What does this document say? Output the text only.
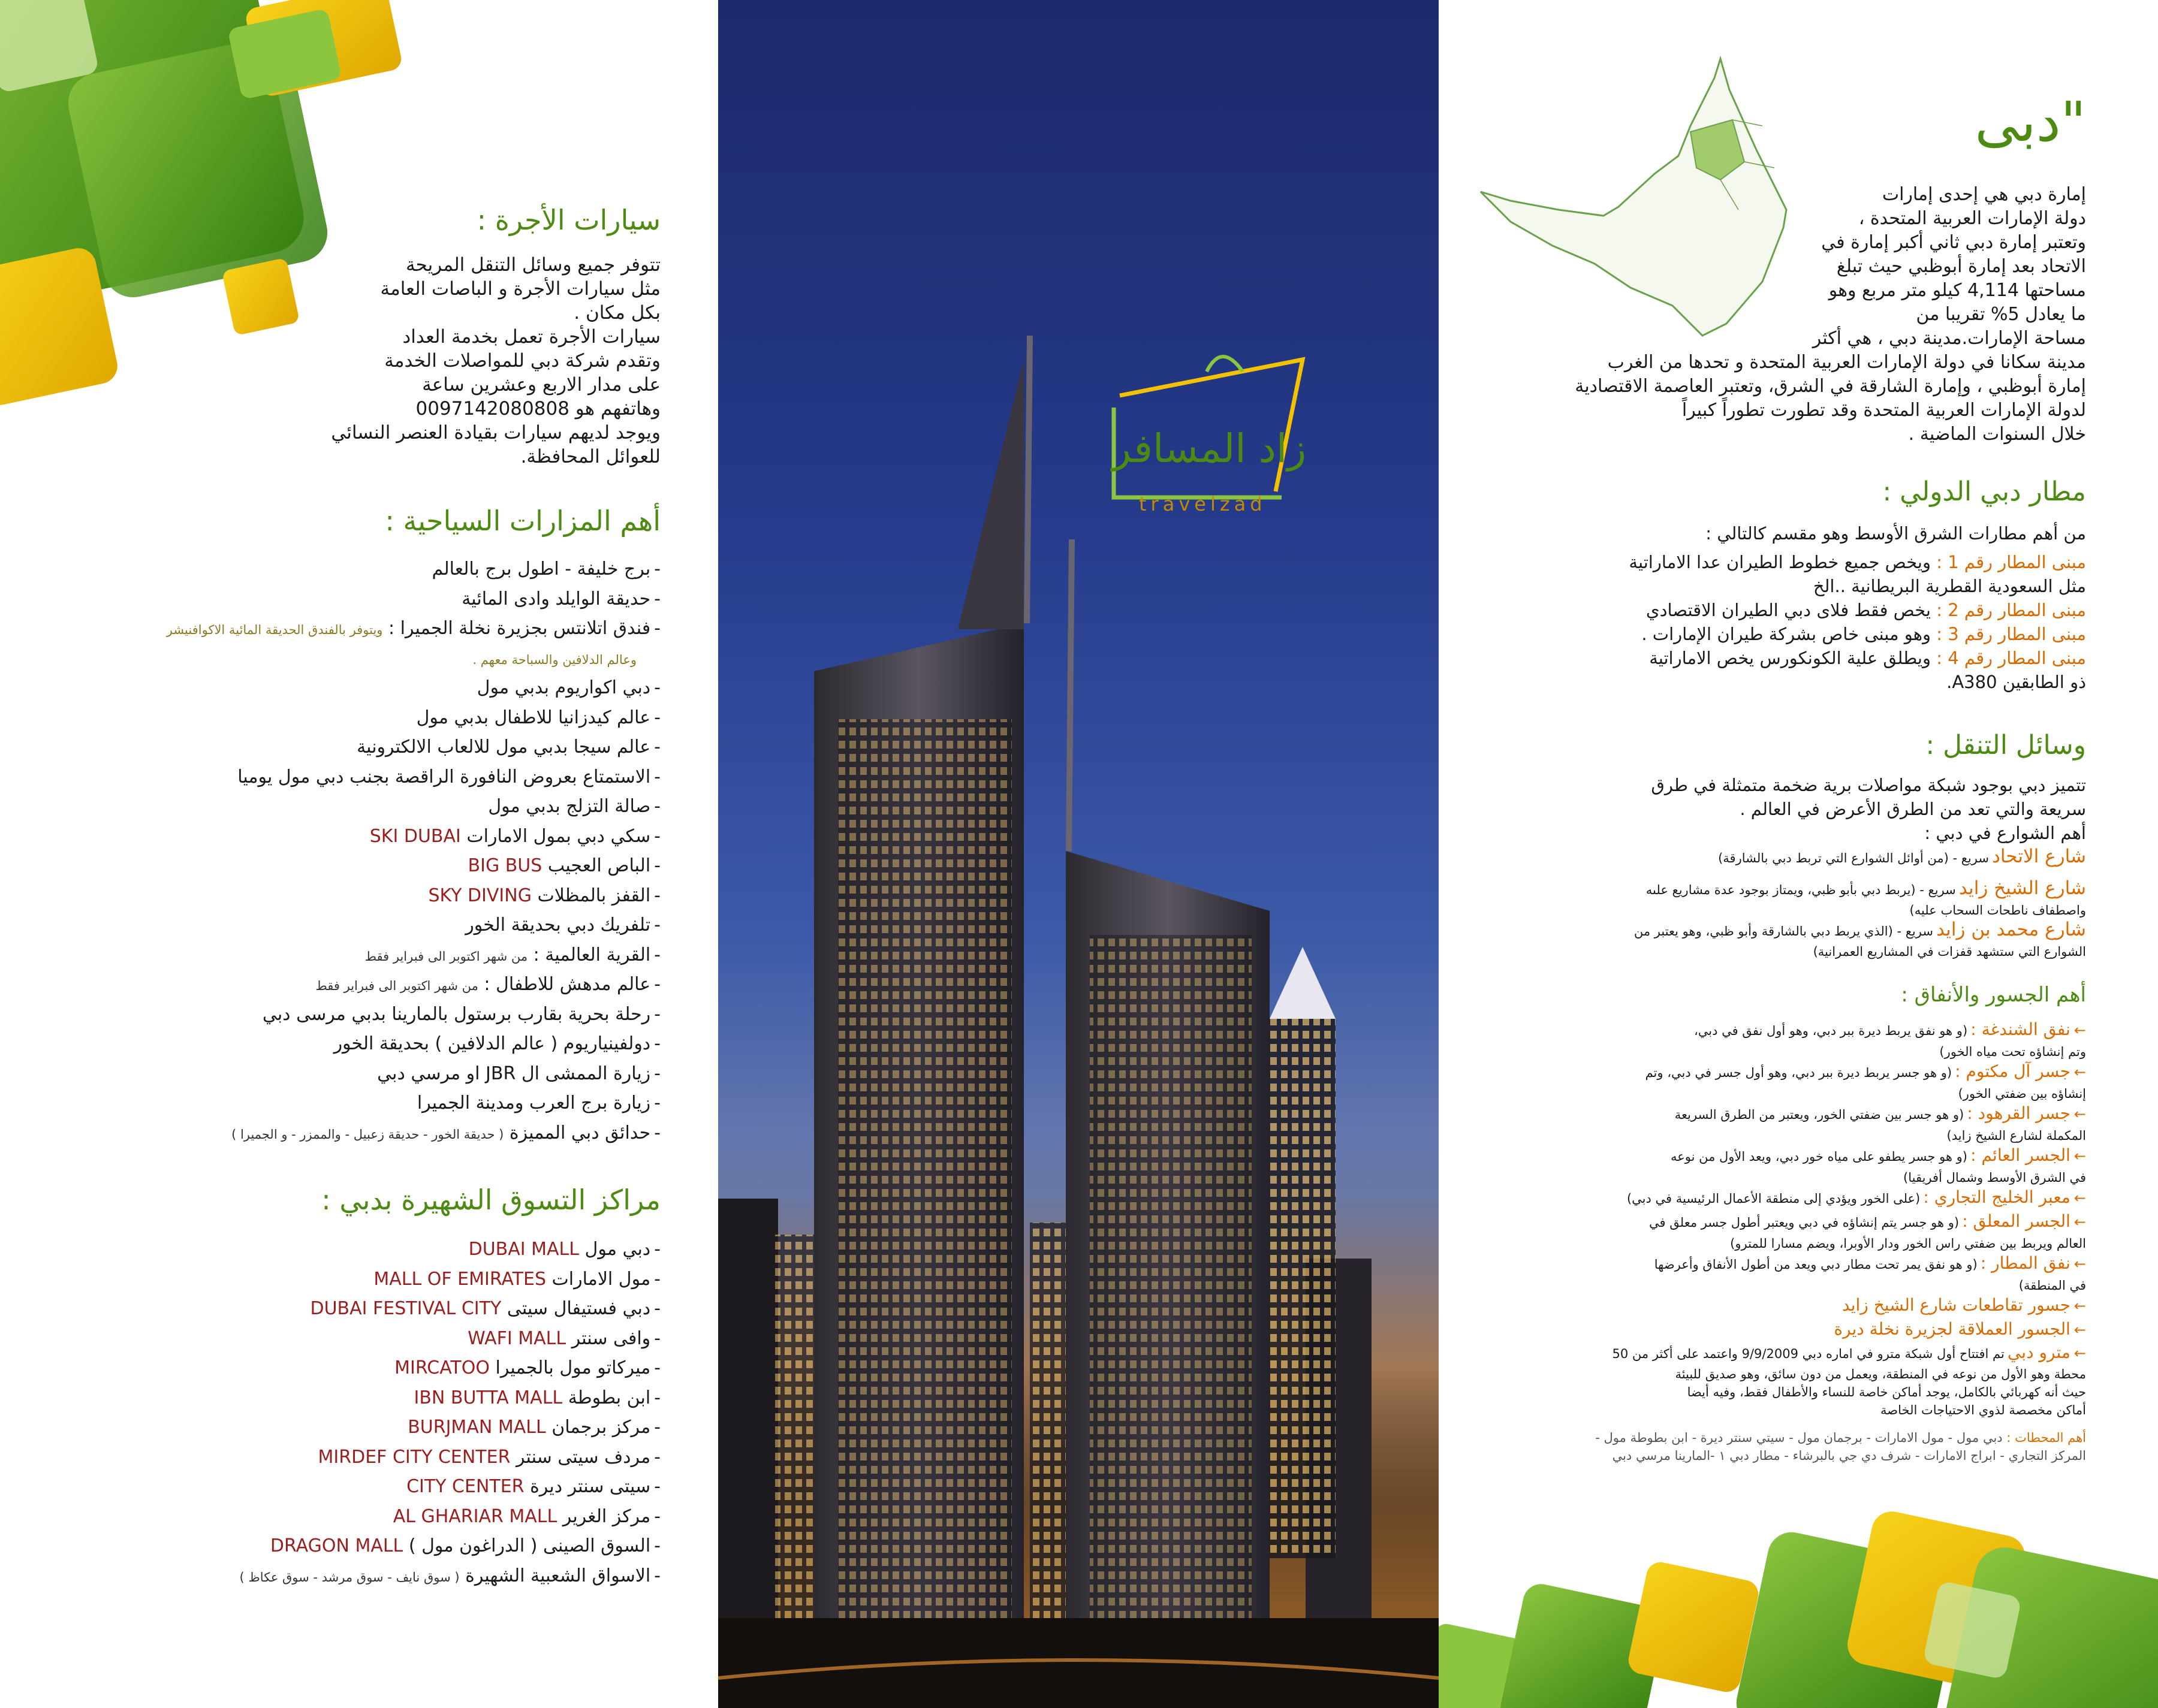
سيارات الأجرة :
تتوفر جميع وسائل التنقل المريحة
مثل سيارات الأجرة و الباصات العامة
بكل مكان .
سيارات الأجرة تعمل بخدمة العداد
وتقدم شركة دبي للمواصلات الخدمة
على مدار الاربع وعشرين ساعة
وهاتفهم هو 0097142080808
ويوجد لديهم سيارات بقيادة العنصر النسائي
للعوائل المحافظة.
أهم المزارات السياحية :
-برج خليفة - اطول برج بالعالم
-حديقة الوايلد وادى المائية
-فندق اتلانتس بجزيرة نخلة الجميرا : ويتوفر بالفندق الحديقة المائية الاكوافنيشر
وعالم الدلافين والسباحة معهم .
-دبي اكواريوم بدبي مول
-عالم كيدزانيا للاطفال بدبي مول
-عالم سيجا بدبي مول للالعاب الالكترونية
-الاستمتاع بعروض النافورة الراقصة بجنب دبي مول يوميا
-صالة التزلج بدبي مول
-سكي دبي بمول الامارات SKI DUBAI
-الباص العجيب BIG BUS
-القفز بالمظلات SKY DIVING
-تلفريك دبي بحديقة الخور
-القرية العالمية : من شهر اكتوبر الى فبراير فقط
-عالم مدهش للاطفال : من شهر اكتوبر الى فبراير فقط
-رحلة بحرية بقارب برستول بالمارينا بدبي مرسى دبي
-دولفينياريوم ( عالم الدلافين ) بحديقة الخور
-زيارة الممشى ال JBR او مرسي دبي
-زيارة برج العرب ومدينة الجميرا
-حدائق دبي المميزة ( حديقة الخور - حديقة زعبيل - والممزر - و الجميرا )
مراكز التسوق الشهيرة بدبي :
-دبي مول DUBAI MALL
-مول الامارات MALL OF EMIRATES
-دبي فستيفال سيتى DUBAI FESTIVAL CITY
-وافى سنتر WAFI MALL
-ميركاتو مول بالجميرا MIRCATOO
-ابن بطوطة IBN BUTTA MALL
-مركز برجمان BURJMAN MALL
-مردف سيتى سنتر MIRDEF CITY CENTER
-سيتى سنتر ديرة CITY CENTER
-مركز الغرير AL GHARIAR MALL
-السوق الصينى ( الدراغون مول ) DRAGON MALL
-الاسواق الشعبية الشهيرة ( سوق نايف - سوق مرشد - سوق عكاظ )
زاد المسافر
travelzad
"دبى
إمارة دبي هي إحدى إمارات
دولة الإمارات العربية المتحدة ،
وتعتبر إمارة دبي ثاني أكبر إمارة في
الاتحاد بعد إمارة أبوظبي حيث تبلغ
مساحتها 4,114 كيلو متر مربع وهو
ما يعادل 5% تقريبا من
مساحة الإمارات.مدينة دبي ، هي أكثر
مدينة سكانا في دولة الإمارات العربية المتحدة و تحدها من الغرب
إمارة أبوظبي ، وإمارة الشارقة في الشرق، وتعتبر العاصمة الاقتصادية
لدولة الإمارات العربية المتحدة وقد تطورت تطوراً كبيراً
خلال السنوات الماضية .
مطار دبي الدولي :
من أهم مطارات الشرق الأوسط وهو مقسم كالتالي :
مبنى المطار رقم 1 : ويخص جميع خطوط الطيران عدا الاماراتية
مثل السعودية القطرية البريطانية ..الخ
مبنى المطار رقم 2 : يخص فقط فلاى دبي الطيران الاقتصادي
مبنى المطار رقم 3 : وهو مبنى خاص بشركة طيران الإمارات .
مبنى المطار رقم 4 : ويطلق علية الكونكورس يخص الاماراتية
ذو الطابقين A380.
وسائل التنقل :
تتميز دبي بوجود شبكة مواصلات برية ضخمة متمثلة في طرق
سريعة والتي تعد من الطرق الأعرض في العالم .
أهم الشوارع في دبي :
شارع الاتحاد سريع - (من أوائل الشوارع التي تربط دبي بالشارقة)
شارع الشيخ زايد سريع - (يربط دبي بأبو ظبي، ويمتاز بوجود عدة مشاريع علىه
واصطفاف ناطحات السحاب عليه)
شارع محمد بن زايد سريع - (الذي يربط دبي بالشارقة وأبو ظبي، وهو يعتبر من
الشوارع التي ستشهد قفزات في المشاريع العمرانية)
أهم الجسور والأنفاق :
←نفق الشندغة : (و هو نفق يربط ديرة ببر دبي، وهو أول نفق في دبي،
وتم إنشاؤه تحت مياه الخور)
←جسر آل مكتوم : (و هو جسر يربط ديرة ببر دبي، وهو أول جسر في دبي، وتم
إنشاؤه بين ضفتي الخور)
←جسر القرهود : (و هو جسر بين ضفتي الخور، ويعتبر من الطرق السريعة
المكملة لشارع الشيخ زايد)
←الجسر العائم : (و هو جسر يطفو على مياه خور دبي، ويعد الأول من نوعه
في الشرق الأوسط وشمال أفريقيا)
←معبر الخليج التجاري : (على الخور ويؤدي إلى منطقة الأعمال الرئيسية في دبي)
←الجسر المعلق : (و هو جسر يتم إنشاؤه في دبي ويعتبر أطول جسر معلق في
العالم ويربط بين ضفتي راس الخور ودار الأوبرا، ويضم مسارا للمترو)
←نفق المطار : (و هو نفق يمر تحت مطار دبي ويعد من أطول الأنفاق وأعرضها
في المنطقة)
←جسور تقاطعات شارع الشيخ زايد
←الجسور العملاقة لجزيرة نخلة ديرة
←مترو دبي تم افتتاح أول شبكة مترو في اماره دبي 9/9/2009 واعتمد على أكثر من 50
محطة وهو الأول من نوعه في المنطقة، ويعمل من دون سائق، وهو صديق للبيئة
حيث أنه كهربائي بالكامل، يوجد أماكن خاصة للنساء والأطفال فقط، وفيه أيضا
أماكن مخصصة لذوي الاحتياجات الخاصة
أهم المحطات : دبي مول - مول الامارات - برجمان مول - سيتي سنتر ديرة - ابن بطوطة مول -
المركز التجاري - ابراج الامارات - شرف دي جي بالبرشاء - مطار دبي ١ -المارينا مرسي دبي
